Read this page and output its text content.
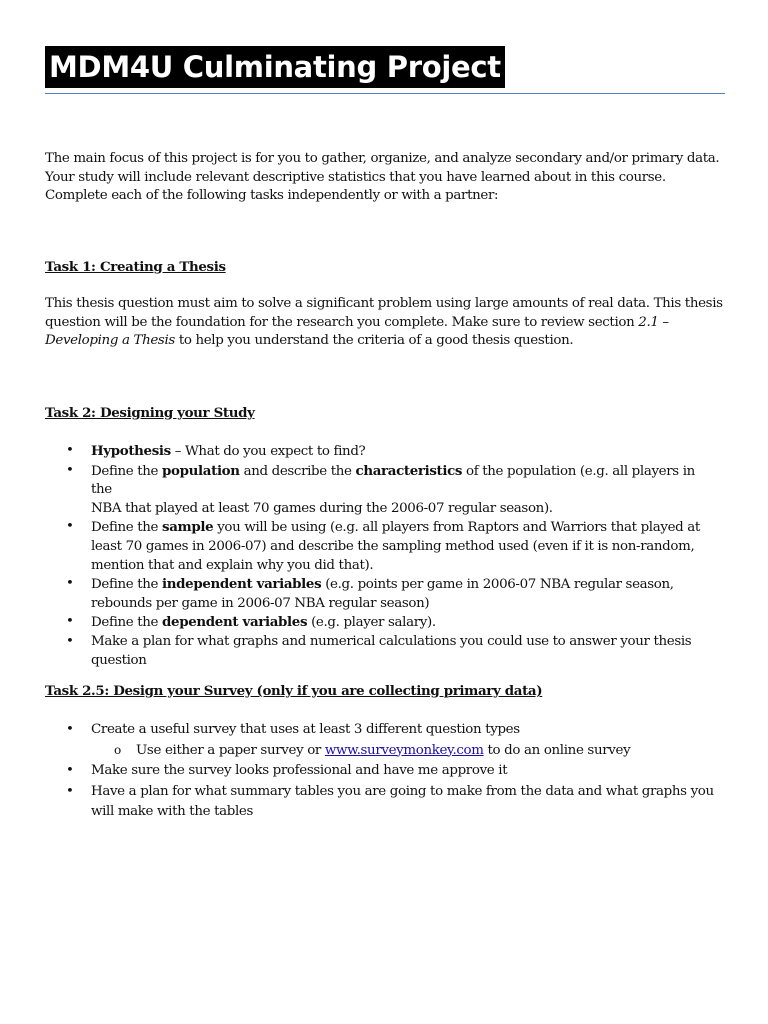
MDM4U Culminating Project

The main focus of this project is for you to gather, organize, and analyze secondary and/or primary data.

Your study will include relevant descriptive statistics that you have learned about in this course.

Complete each of the following tasks independently or with a partner:

Task 1: Creating a Thesis

This thesis question must aim to solve a significant problem using large amounts of real data. This thesis

question will be the foundation for the research you complete. Make sure to review section 2.1 –

Developing a Thesis to help you understand the criteria of a good thesis question.

Task 2: Designing your Study
• Hypothesis – What do you expect to find?
• Define the population and describe the characteristics of the population (e.g. all players in the
NBA that played at least 70 games during the 2006-07 regular season).
• Define the sample you will be using (e.g. all players from Raptors and Warriors that played at
least 70 games in 2006-07) and describe the sampling method used (even if it is non-random,
mention that and explain why you did that).
• Define the independent variables (e.g. points per game in 2006-07 NBA regular season,
rebounds per game in 2006-07 NBA regular season)
• Define the dependent variables (e.g. player salary).
• Make a plan for what graphs and numerical calculations you could use to answer your thesis
question
Task 2.5: Design your Survey (only if you are collecting primary data)
• Create a useful survey that uses at least 3 different question types
o Use either a paper survey or www.surveymonkey.com to do an online survey
• Make sure the survey looks professional and have me approve it
• Have a plan for what summary tables you are going to make from the data and what graphs you
will make with the tables
